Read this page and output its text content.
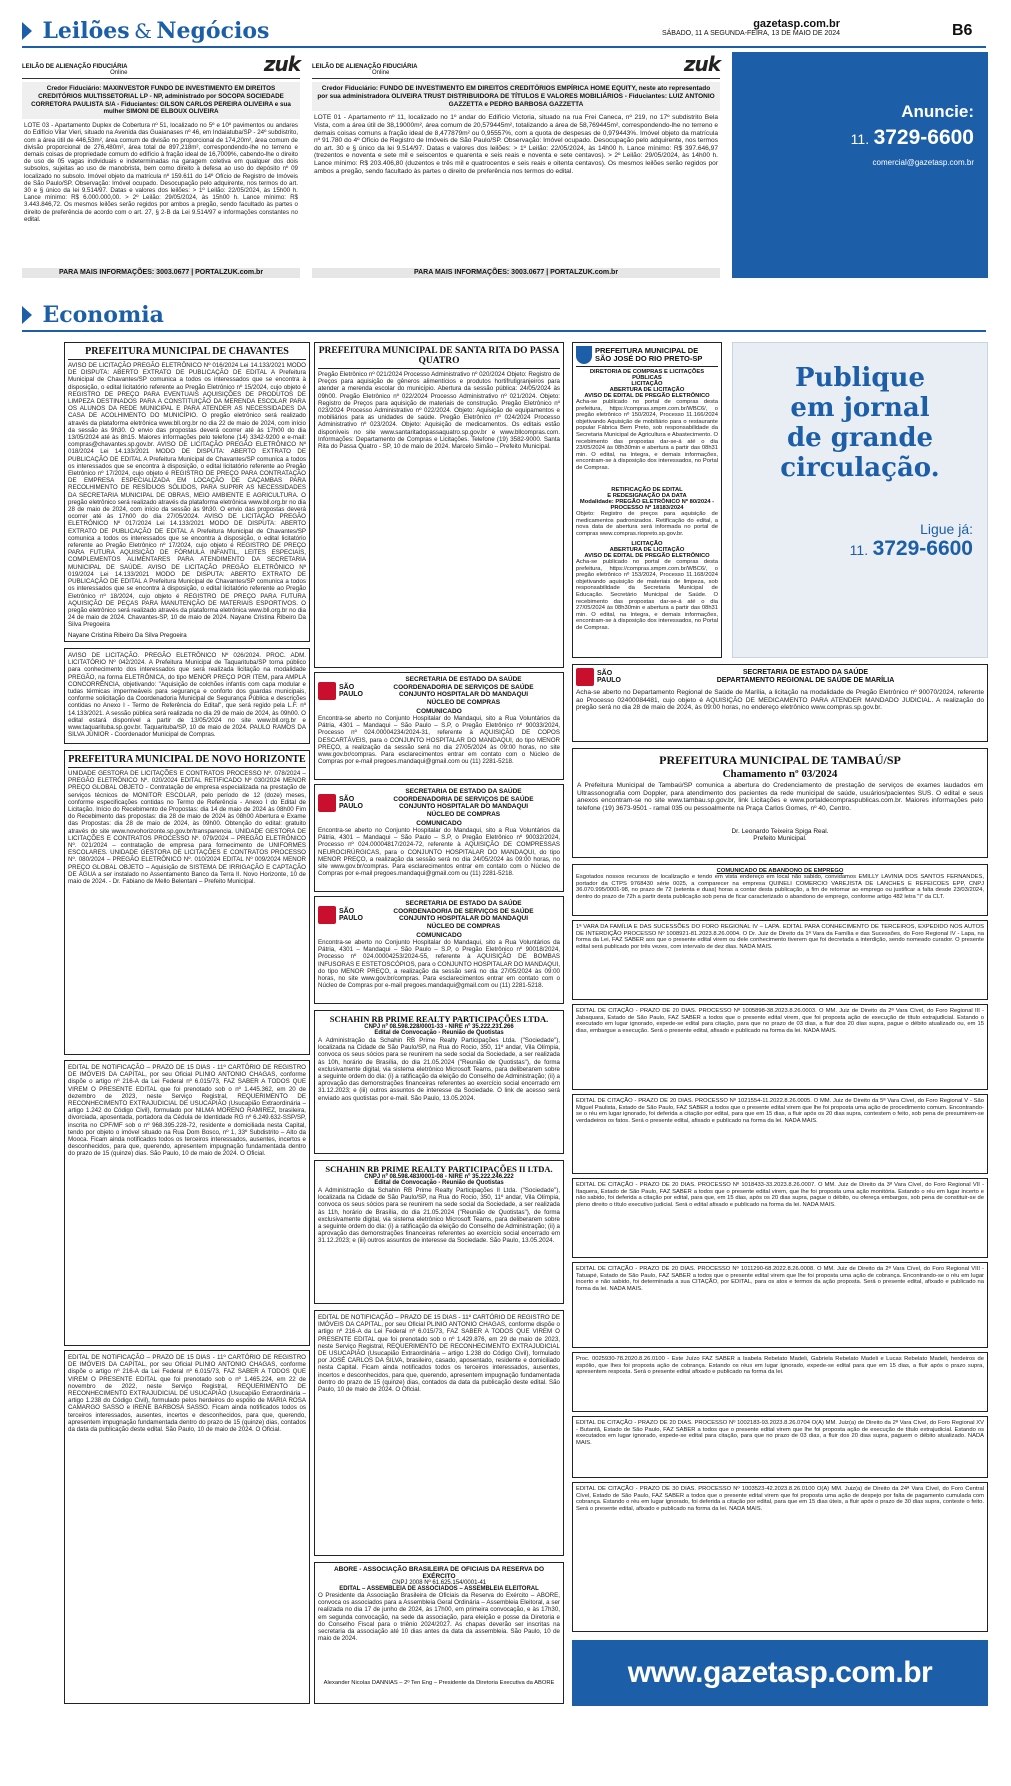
Leilões & Negócios	gazetasp.com.br
SÁBADO, 11 A SEGUNDA-FEIRA, 13 DE MAIO DE 2024	B6
LEILÃO DE ALIENAÇÃO FIDUCIÁRIA
Online	zuk
Credor Fiduciário: MAXINVESTOR FUNDO DE INVESTIMENTO EM DIREITOS CREDITÓRIOS MULTISSETORIAL LP - NP, administrado por SOCOPA SOCIEDADE CORRETORA PAULISTA S/A - Fiduciantes: GILSON CARLOS PEREIRA OLIVEIRA e sua mulher SIMONI DE ELBOUX OLIVEIRA
LOTE 03 - Apartamento Duplex de Cobertura nº 51, localizado no 5º e 10º pavimentos ou andares do Edifício Vilar Vieri, situado na Avenida das Guaianases nº 46, em Indaiatuba/SP - 24º subdistrito, com a área útil de 446,53m², área comum de divisão no proporcional de 174,20m², área comum de divisão proporcional de 276,480m², área total de 897,218m², correspondendo-lhe no terreno e demais coisas de propriedade comum do edifício à fração ideal de 16,7009%, cabendo-lhe o direito de uso de 05 vagas individuais e indeterminadas na garagem coletiva em qualquer dos dois subsolos, sujeitas ao uso de manobrista, bem como direito à defesa ao uso do depósito nº 09 localizado no subsolo. Imóvel objeto da matrícula nº 159.611 do 14º Ofício de Registro de Imóveis de São Paulo/SP. Observação: Imóvel ocupado. Desocupação pelo adquirente, nos termos do art. 30 e § único da lei 9.514/97. Datas e valores dos leilões: > 1º Leilão: 22/05/2024, às 15h00 h. Lance mínimo: R$ 6.000.000,00. > 2º Leilão: 29/05/2024, às 15h00 h. Lance mínimo: R$ 3.443.846,72. Os mesmos leilões serão regidos por ambos a pregão, sendo facultado às partes o direito de preferência de acordo com o art. 27, § 2-B da Lei 9.514/97 e informações constantes no edital.
PARA MAIS INFORMAÇÕES: 3003.0677 | PORTALZUK.com.br
LEILÃO DE ALIENAÇÃO FIDUCIÁRIA
Online	zuk
Credor Fiduciário: FUNDO DE INVESTIMENTO EM DIREITOS CREDITÓRIOS EMPÍRICA HOME EQUITY, neste ato representado por sua administradora OLIVEIRA TRUST DISTRIBUIDORA DE TÍTULOS E VALORES MOBILIÁRIOS - Fiduciantes: LUIZ ANTONIO GAZZETTA e PEDRO BARBOSA GAZZETTA
LOTE 01 - Apartamento nº 11, localizado no 1º andar do Edifício Victoria, situado na rua Frei Caneca, nº 219, no 17º subdistrito Bela Vista, com a área útil de 38,19000m², área comum de 20,579445m², totalizando a área de 58,769445m², correspondendo-lhe no terreno e demais coisas comuns a fração ideal de 8,477879m² ou 0,95557%, com a quota de despesas de 0,979443%. Imóvel objeto da matrícula nº 91.780 do 4º Ofício de Registro de Imóveis de São Paulo/SP. Observação: Imóvel ocupado. Desocupação pelo adquirente, nos termos do art. 30 e § único da lei 9.514/97. Datas e valores dos leilões: > 1º Leilão: 22/05/2024, às 14h00 h. Lance mínimo: R$ 397.646,97 (trezentos e noventa e sete mil e seiscentos e quarenta e seis reais e noventa e sete centavos). > 2º Leilão: 29/05/2024, às 14h00 h. Lance mínimo: R$ 203.406,80 (duzentos e três mil e quatrocentos e seis reais e oitenta centavos). Os mesmos leilões serão regidos por ambos a pregão, sendo facultado às partes o direito de preferência nos termos do edital.
PARA MAIS INFORMAÇÕES: 3003.0677 | PORTALZUK.com.br
Anuncie:
11. 3729-6600
comercial@gazetasp.com.br
Economia
PREFEITURA MUNICIPAL DE CHAVANTES
AVISO DE LICITAÇÃO PREGÃO ELETRÔNICO Nº 016/2024 Lei 14.133/2021 MODO DE DISPUTA: ABERTO EXTRATO DE PUBLICAÇÃO DE EDITAL A Prefeitura Municipal de Chavantes/SP comunica a todos os interessados que se encontra à disposição, o edital licitatório referente ao Pregão Eletrônico nº 15/2024, cujo objeto é REGISTRO DE PREÇO PARA EVENTUAIS AQUISIÇÕES DE PRODUTOS DE LIMPEZA DESTINADOS PARA A CONSTITUIÇÃO DA MERENDA ESCOLAR PARA OS ALUNOS DA REDE MUNICIPAL E PARA ATENDER AS NECESSIDADES DA CASA DE ACOLHIMENTO DO MUNICÍPIO. O pregão eletrônico será realizado através da plataforma eletrônica www.bll.org.br no dia 22 de maio de 2024, com início da sessão às 9h30. O envio das propostas deverá ocorrer até às 17h00 do dia 13/05/2024 até às 8h15. Maiores informações pelo telefone (14) 3342-9200 e e-mail: compras@chavantes.sp.gov.br. AVISO DE LICITAÇÃO PREGÃO ELETRÔNICO Nº 018/2024 Lei 14.133/2021 MODO DE DISPUTA: ABERTO EXTRATO DE PUBLICAÇÃO DE EDITAL A Prefeitura Municipal de Chavantes/SP comunica a todos os interessados que se encontra à disposição, o edital licitatório referente ao Pregão Eletrônico nº 17/2024, cujo objeto é REGISTRO DE PREÇO PARA CONTRATAÇÃO DE EMPRESA ESPECIALIZADA EM LOCAÇÃO DE CAÇAMBAS PARA RECOLHIMENTO DE RESÍDUOS SÓLIDOS, PARA SUPRIR AS NECESSIDADES DA SECRETARIA MUNICIPAL DE OBRAS, MEIO AMBIENTE E AGRICULTURA. O pregão eletrônico será realizado através da plataforma eletrônica www.bll.org.br no dia 28 de maio de 2024, com início da sessão às 9h30. O envio das propostas deverá ocorrer até às 17h00 do dia 27/05/2024. AVISO DE LICITAÇÃO PREGÃO ELETRÔNICO Nº 017/2024 Lei 14.133/2021 MODO DE DISPUTA: ABERTO EXTRATO DE PUBLICAÇÃO DE EDITAL A Prefeitura Municipal de Chavantes/SP comunica a todos os interessados que se encontra à disposição, o edital licitatório referente ao Pregão Eletrônico nº 17/2024, cujo objeto é REGISTRO DE PREÇO PARA FUTURA AQUISIÇÃO DE FÓRMULA INFANTIL, LEITES ESPECIAIS, COMPLEMENTOS ALIMENTARES PARA ATENDIMENTO DA SECRETARIA MUNICIPAL DE SAÚDE. AVISO DE LICITAÇÃO PREGÃO ELETRÔNICO Nº 019/2024 Lei 14.133/2021 MODO DE DISPUTA: ABERTO EXTRATO DE PUBLICAÇÃO DE EDITAL A Prefeitura Municipal de Chavantes/SP comunica a todos os interessados que se encontra à disposição, o edital licitatório referente ao Pregão Eletrônico nº 18/2024, cujo objeto é REGISTRO DE PREÇO PARA FUTURA AQUISIÇÃO DE PEÇAS PARA MANUTENÇÃO DE MATERIAIS ESPORTIVOS. O pregão eletrônico será realizado através da plataforma eletrônica www.bll.org.br no dia 24 de maio de 2024. Chavantes-SP, 10 de maio de 2024. Nayane Cristina Ribeiro Da Silva Pregoeira
Nayane Cristina Ribeiro Da Silva Pregoeira
AVISO DE LICITAÇÃO. PREGÃO ELETRÔNICO Nº 026/2024. PROC. ADM. LICITATÓRIO Nº 042/2024. A Prefeitura Municipal de Taquarituba/SP torna público para conhecimento dos interessados que será realizada licitação na modalidade PREGÃO, na forma ELETRÔNICA, do tipo MENOR PREÇO POR ITEM, para AMPLA CONCORRÊNCIA, objetivando: "Aquisição de colchões infantis com capa modular e tudas térmicas impermeáveis para segurança e conforto dos guardas municipais, conforme solicitação da Coordenadoria Municipal de Segurança Pública e descrições contidas no Anexo I - Termo de Referência do Edital", que será regido pela L.F. nº 14.133/2021. A sessão pública será realizada no dia 29 de maio de 2024, às 09h00. O edital estará disponível a partir de 13/05/2024 no site www.bll.org.br e www.taquarituba.sp.gov.br. Taquarituba/SP, 10 de maio de 2024. PAULO RAMOS DA SILVA JÚNIOR - Coordenador Municipal de Compras.
PREFEITURA MUNICIPAL DE NOVO HORIZONTE
UNIDADE GESTORA DE LICITAÇÕES E CONTRATOS PROCESSO Nº. 078/2024 – PREGÃO ELETRÔNICO Nº. 020/2024 EDITAL RETIFICADO Nº 030/2024 MENOR PREÇO GLOBAL OBJETO - Contratação de empresa especializada na prestação de serviços técnicos de MONITOR ESCOLAR, pelo período de 12 (doze) meses, conforme especificações contidas no Termo de Referência - Anexo I do Edital de Licitação. Início do Recebimento de Propostas: dia 14 de maio de 2024 às 08h00 Fim do Recebimento das propostas: dia 28 de maio de 2024 às 08h00 Abertura e Exame das Propostas: dia 28 de maio de 2024, às 09h00. Obtenção do edital: gratuito através do site www.novohorizonte.sp.gov.br/transparencia. UNIDADE GESTORA DE LICITAÇÕES E CONTRATOS PROCESSO Nº. 079/2024 – PREGÃO ELETRÔNICO Nº. 021/2024 – contratação de empresa para fornecimento de UNIFORMES ESCOLARES. UNIDADE GESTORA DE LICITAÇÕES E CONTRATOS PROCESSO Nº. 080/2024 – PREGÃO ELETRÔNICO Nº. 010/2024 EDITAL Nº 009/2024 MENOR PREÇO GLOBAL OBJETO – Aquisição de SISTEMA DE IRRIGAÇÃO E CAPTAÇÃO DE ÁGUA a ser instalado no Assentamento Banco da Terra II. Novo Horizonte, 10 de maio de 2024. - Dr. Fabiano de Mello Belentani – Prefeito Municipal.
EDITAL DE NOTIFICAÇÃO – PRAZO DE 15 DIAS - 11º CARTÓRIO DE REGISTRO DE IMÓVEIS DA CAPITAL, por seu Oficial PLINIO ANTONIO CHAGAS, conforme dispõe o artigo nº 216-A da Lei Federal nº 6.015/73, FAZ SABER A TODOS QUE VIREM O PRESENTE EDITAL que foi prenotado sob o nº 1.445.362, em 20 de dezembro de 2023, neste Serviço Registral, REQUERIMENTO DE RECONHECIMENTO EXTRAJUDICIAL DE USUCAPIÃO (Usucapião Extraordinária – artigo 1.242 do Código Civil), formulado por NILMA MORENO RAMIREZ, brasileira, divorciada, aposentada, portadora da Cédula de Identidade RG nº 6.249.632-SSP/SP, inscrita no CPF/MF sob o nº 968.395.228-72, residente e domiciliada nesta Capital, tendo por objeto o imóvel situado na Rua Dom Bosco, nº 1, 33º Subdistrito – Alto da Mooca. Ficam ainda notificados todos os terceiros interessados, ausentes, incertos e desconhecidos, para que, querendo, apresentem impugnação fundamentada dentro do prazo de 15 (quinze) dias. São Paulo, 10 de maio de 2024. O Oficial.
EDITAL DE NOTIFICAÇÃO – PRAZO DE 15 DIAS - 11º CARTÓRIO DE REGISTRO DE IMÓVEIS DA CAPITAL, por seu Oficial PLINIO ANTONIO CHAGAS, conforme dispõe o artigo nº 216-A da Lei Federal nº 6.015/73, FAZ SABER A TODOS QUE VIREM O PRESENTE EDITAL que foi prenotado sob o nº 1.465.224, em 22 de novembro de 2022, neste Serviço Registral, REQUERIMENTO DE RECONHECIMENTO EXTRAJUDICIAL DE USUCAPIÃO (Usucapião Extraordinária – artigo 1.238 do Código Civil), formulado pelos herdeiros do espólio de MARIA ROSA CAMARGO SASSO e IRENE BARBOSA SASSO. Ficam ainda notificados todos os terceiros interessados, ausentes, incertos e desconhecidos, para que, querendo, apresentem impugnação fundamentada dentro do prazo de 15 (quinze) dias, contados da data da publicação deste edital. São Paulo, 10 de maio de 2024. O Oficial.
PREFEITURA MUNICIPAL DE SANTA RITA DO PASSA QUATRO
Pregão Eletrônico nº 021/2024 Processo Administrativo nº 020/2024 Objeto: Registro de Preços para aquisição de gêneros alimentícios e produtos hortifrutigranjeiros para atender a merenda escolar do município. Abertura da sessão pública: 24/05/2024 às 09h00. Pregão Eletrônico nº 022/2024 Processo Administrativo nº 021/2024. Objeto: Registro de Preços para aquisição de materiais de construção. Pregão Eletrônico nº 023/2024 Processo Administrativo nº 022/2024. Objeto: Aquisição de equipamentos e mobiliários para as unidades de saúde. Pregão Eletrônico nº 024/2024 Processo Administrativo nº 023/2024. Objeto: Aquisição de medicamentos. Os editais estão disponíveis no site www.santaritadopassaquatro.sp.gov.br e www.bllcompras.com. Informações: Departamento de Compras e Licitações. Telefone (19) 3582-9000. Santa Rita do Passa Quatro - SP, 10 de maio de 2024. Marcelo Simão – Prefeito Municipal.
SÃO
PAULO
SECRETARIA DE ESTADO DA SAÚDE
COORDENADORIA DE SERVIÇOS DE SAÚDE
CONJUNTO HOSPITALAR DO MANDAQUI
NÚCLEO DE COMPRAS
COMUNICADO
Encontra-se aberto no Conjunto Hospitalar do Mandaqui, sito a Rua Voluntários da Pátria, 4301 – Mandaqui – São Paulo – S.P, o Pregão Eletrônico nº 90033/2024, Processo nº 024.00004234/2024-31, referente à AQUISIÇÃO DE COPOS DESCARTÁVEIS, para o CONJUNTO HOSPITALAR DO MANDAQUI, do tipo MENOR PREÇO, a realização da sessão será no dia 27/05/2024 às 09:00 horas, no site www.gov.br/compras. Para esclarecimentos entrar em contato com o Núcleo de Compras por e-mail pregoes.mandaqui@gmail.com ou (11) 2281-5218.
SÃO
PAULO
SECRETARIA DE ESTADO DA SAÚDE
COORDENADORIA DE SERVIÇOS DE SAÚDE
CONJUNTO HOSPITALAR DO MANDAQUI
NÚCLEO DE COMPRAS
COMUNICADO
Encontra-se aberto no Conjunto Hospitalar do Mandaqui, sito a Rua Voluntários da Pátria, 4301 – Mandaqui – São Paulo – S.P, o Pregão Eletrônico nº 90032/2024, Processo nº 024.00004817/2024-72, referente à AQUISIÇÃO DE COMPRESSAS NEUROCIRÚRGICAS, para o CONJUNTO HOSPITALAR DO MANDAQUI, do tipo MENOR PREÇO, a realização da sessão será no dia 24/05/2024 às 09:00 horas, no site www.gov.br/compras. Para esclarecimentos entrar em contato com o Núcleo de Compras por e-mail pregoes.mandaqui@gmail.com ou (11) 2281-5218.
SÃO
PAULO
SECRETARIA DE ESTADO DA SAÚDE
COORDENADORIA DE SERVIÇOS DE SAÚDE
CONJUNTO HOSPITALAR DO MANDAQUI
NÚCLEO DE COMPRAS
COMUNICADO
Encontra-se aberto no Conjunto Hospitalar do Mandaqui, sito a Rua Voluntários da Pátria, 4301 – Mandaqui – São Paulo – S.P, o Pregão Eletrônico nº 90018/2024, Processo nº 024.00004253/2024-55, referente à AQUISIÇÃO DE BOMBAS INFUSORAS E ESTETOSCÓPIOS, para o CONJUNTO HOSPITALAR DO MANDAQUI, do tipo MENOR PREÇO, a realização da sessão será no dia 27/05/2024 às 09:00 horas, no site www.gov.br/compras. Para esclarecimentos entrar em contato com o Núcleo de Compras por e-mail pregoes.mandaqui@gmail.com ou (11) 2281-5218.
SCHAHIN RB PRIME REALTY PARTICIPAÇÕES LTDA.
CNPJ nº 08.598.228/0001-33 - NIRE nº 35.222.231.266
Edital de Convocação - Reunião de Quotistas
A Administração da Schahin RB Prime Realty Participações Ltda. ("Sociedade"), localizada na Cidade de São Paulo/SP, na Rua do Rocio, 350, 11º andar, Vila Olímpia, convoca os seus sócios para se reunirem na sede social da Sociedade, a ser realizada às 10h, horário de Brasília, do dia 21.05.2024 ("Reunião de Quotistas"), de forma exclusivamente digital, via sistema eletrônico Microsoft Teams, para deliberarem sobre a seguinte ordem do dia: (i) a ratificação da eleição do Conselho de Administração; (ii) a aprovação das demonstrações financeiras referentes ao exercício social encerrado em 31.12.2023; e (iii) outros assuntos de interesse da Sociedade. O link de acesso será enviado aos quotistas por e-mail. São Paulo, 13.05.2024.
SCHAHIN RB PRIME REALTY PARTICIPAÇÕES II LTDA.
CNPJ nº 08.598.483/0001-08 - NIRE nº 35.222.246.222
Edital de Convocação - Reunião de Quotistas
A Administração da Schahin RB Prime Realty Participações II Ltda. ("Sociedade"), localizada na Cidade de São Paulo/SP, na Rua do Rocio, 350, 11º andar, Vila Olímpia, convoca os seus sócios para se reunirem na sede social da Sociedade, a ser realizada às 11h, horário de Brasília, do dia 21.05.2024 ("Reunião de Quotistas"), de forma exclusivamente digital, via sistema eletrônico Microsoft Teams, para deliberarem sobre a seguinte ordem do dia: (i) a ratificação da eleição do Conselho de Administração; (ii) a aprovação das demonstrações financeiras referentes ao exercício social encerrado em 31.12.2023; e (iii) outros assuntos de interesse da Sociedade. São Paulo, 13.05.2024.
EDITAL DE NOTIFICAÇÃO – PRAZO DE 15 DIAS - 11º CARTÓRIO DE REGISTRO DE IMÓVEIS DA CAPITAL, por seu Oficial PLINIO ANTONIO CHAGAS, conforme dispõe o artigo nº 216-A da Lei Federal nº 6.015/73, FAZ SABER A TODOS QUE VIREM O PRESENTE EDITAL que foi prenotado sob o nº 1.429.876, em 29 de maio de 2023, neste Serviço Registral, REQUERIMENTO DE RECONHECIMENTO EXTRAJUDICIAL DE USUCAPIÃO (Usucapião Extraordinária – artigo 1.238 do Código Civil), formulado por JOSÉ CARLOS DA SILVA, brasileiro, casado, aposentado, residente e domiciliado nesta Capital. Ficam ainda notificados todos os terceiros interessados, ausentes, incertos e desconhecidos, para que, querendo, apresentem impugnação fundamentada dentro do prazo de 15 (quinze) dias, contados da data da publicação deste edital. São Paulo, 10 de maio de 2024. O Oficial.
ABORE - ASSOCIAÇÃO BRASILEIRA DE OFICIAIS DA RESERVA DO EXÉRCITO
CNPJ 2008 Nº 61.625.154/0001-41
EDITAL – ASSEMBLEIA DE ASSOCIADOS – ASSEMBLEIA ELEITORAL
O Presidente da Associação Brasileira de Oficiais da Reserva do Exército – ABORE, convoca os associados para a Assembleia Geral Ordinária – Assembleia Eleitoral, a ser realizada no dia 17 de junho de 2024, às 17h00, em primeira convocação, e às 17h30, em segunda convocação, na sede da associação, para eleição e posse da Diretoria e do Conselho Fiscal para o triênio 2024/2027. As chapas deverão ser inscritas na secretaria da associação até 10 dias antes da data da assembleia. São Paulo, 10 de maio de 2024.
Alexander Nicolas DANNIAS – 2º Ten Eng – Presidente da Diretoria Executiva da ABORE
PREFEITURA MUNICIPAL DE
SÃO JOSÉ DO RIO PRETO-SP
DIRETORIA DE COMPRAS E LICITAÇÕES PÚBLICAS
LICITAÇÃO
ABERTURA DE LICITAÇÃO
AVISO DE EDITAL DE PREGÃO ELETRÔNICO
Acha-se publicado no portal de compras desta prefeitura, https://compras.smpm.com.br/WBC6/, o pregão eletrônico nº 150/2024, Processo 11.166/2024 objetivando Aquisição de mobiliário para o restaurante popular Fábrica Bem Preto, sob responsabilidade da Secretaria Municipal de Agricultura e Abastecimento. O recebimento das propostas dar-se-á até o dia 23/05/2024 às 08h30min e abertura a partir das 08h31 min. O edital, na íntegra, e demais informações, encontram-se à disposição dos interessados, no Portal de Compras.
RETIFICAÇÃO DE EDITAL
E REDESIGNAÇÃO DA DATA
Modalidade: PREGÃO ELETRÔNICO Nº 80/2024 - PROCESSO Nº 18183/2024
Objeto: Registro de preços para aquisição de medicamentos padronizados. Retificação do edital, a nova data de abertura será informada no portal de compras www.compras.riopreto.sp.gov.br.
LICITAÇÃO
ABERTURA DE LICITAÇÃO
AVISO DE EDITAL DE PREGÃO ELETRÔNICO
Acha-se publicado no portal de compras desta prefeitura, https://compras.smpm.com.br/WBC6/, o pregão eletrônico nº 153/2024, Processo 11.168/2024 objetivando aquisição de materiais de limpeza, sob responsabilidade da Secretaria Municipal de Educação. Secretário Municipal de Saúde. O recebimento das propostas dar-se-á até o dia 27/05/2024 às 08h30min e abertura a partir das 08h31 min. O edital, na íntegra, e demais informações, encontram-se à disposição dos interessados, no Portal de Compras.
Publique
em jornal
de grande
circulação.
Ligue já:
11. 3729-6600
SÃO
PAULO
SECRETARIA DE ESTADO DA SAÚDE
DEPARTAMENTO REGIONAL DE SAÚDE DE MARÍLIA
Acha-se aberto no Departamento Regional de Saúde de Marília, a licitação na modalidade de Pregão Eletrônico nº 90070/2024, referente ao Processo 02400084481, cujo objeto é AQUISIÇÃO DE MEDICAMENTO PARA ATENDER MANDADO JUDICIAL. A realização do pregão será no dia 28 de maio de 2024, às 09:00 horas, no endereço eletrônico www.compras.sp.gov.br.
PREFEITURA MUNICIPAL DE TAMBAÚ/SP
Chamamento nº 03/2024
A Prefeitura Municipal de Tambaú/SP comunica a abertura do Credenciamento de prestação de serviços de exames laudados em Ultrassonografia com Doppler, para atendimento dos pacientes da rede municipal de saúde, usuários/pacientes SUS. O edital e seus anexos encontram-se no site www.tambau.sp.gov.br, link Licitações e www.portaldecompraspublicas.com.br. Maiores informações pelo telefone (19) 3673-9501 - ramal 035 ou pessoalmente na Praça Carlos Gomes, nº 40, Centro.
Dr. Leonardo Teixeira Spiga Real.
Prefeito Municipal.
COMUNICADO DE ABANDONO DE EMPREGO
Esgotados nossos recursos de localização e tendo em vista endereço em local não sabido, convidamos EMILLY LAVINIA DOS SANTOS FERNANDES, portador da CTPS 9768430 série 0025, a comparecer na empresa QUINELI COMERCIO VAREJISTA DE LANCHES E REFEICOES EPP, CNPJ 36.070.995/0001-98, no prazo de 72 (setenta e duas) horas a contar desta publicação, a fim de retornar ao emprego ou justificar a falta desde 23/03/2024, dentro do prazo de 72h a partir desta publicação sob pena de ficar caracterizado o abandono de emprego, conforme artigo 482 letra "I" da CLT.
1ª VARA DA FAMÍLIA E DAS SUCESSÕES DO FORO REGIONAL IV – LAPA. EDITAL PARA CONHECIMENTO DE TERCEIROS, EXPEDIDO NOS AUTOS DE INTERDIÇÃO PROCESSO Nº 1008921-81.2023.8.26.0004. O Dr. Juiz de Direito da 1ª Vara da Família e das Sucessões, do Foro Regional IV - Lapa, na forma da Lei, FAZ SABER aos que o presente edital virem ou dele conhecimento tiverem que foi decretada a interdição, sendo nomeado curador. O presente edital será publicado por três vezes, com intervalo de dez dias. NADA MAIS.
EDITAL DE CITAÇÃO - PRAZO DE 20 DIAS. PROCESSO Nº 1005898-38.2023.8.26.0003. O MM. Juiz de Direito da 2ª Vara Cível, do Foro Regional III - Jabaquara, Estado de São Paulo, FAZ SABER a todos que o presente edital virem, que foi proposta ação de execução de título extrajudicial. Estando o executado em lugar ignorado, expede-se edital para citação, para que no prazo de 03 dias, a fluir dos 20 dias supra, pague o débito atualizado ou, em 15 dias, embargue a execução. Será o presente edital, afixado e publicado na forma da lei. NADA MAIS.
EDITAL DE CITAÇÃO - PRAZO DE 20 DIAS. PROCESSO Nº 1021554-11.2022.8.26.0005. O MM. Juiz de Direito da 5ª Vara Cível, do Foro Regional V - São Miguel Paulista, Estado de São Paulo, FAZ SABER a todos que o presente edital virem que lhe foi proposta uma ação de procedimento comum. Encontrando-se o réu em lugar ignorado, foi deferida a citação por edital, para que em 15 dias, a fluir após os 20 dias supra, contestem o feito, sob pena de presumirem-se verdadeiros os fatos. Será o presente edital, afixado e publicado na forma da lei. NADA MAIS.
EDITAL DE CITAÇÃO - PRAZO DE 20 DIAS. PROCESSO Nº 1018433-33.2023.8.26.0007. O MM. Juiz de Direito da 3ª Vara Cível, do Foro Regional VII - Itaquera, Estado de São Paulo, FAZ SABER a todos que o presente edital virem, que lhe foi proposta uma ação monitória. Estando o réu em lugar incerto e não sabido, foi deferida a citação por edital, para que, em 15 dias, após os 20 dias supra, pague o débito, ou ofereça embargos, sob pena de constituir-se de pleno direito o título executivo judicial. Será o edital afixado e publicado na forma da lei. NADA MAIS.
EDITAL DE CITAÇÃO - PRAZO DE 20 DIAS. PROCESSO Nº 1011290-68.2022.8.26.0008. O MM. Juiz de Direito da 2ª Vara Cível, do Foro Regional VIII - Tatuapé, Estado de São Paulo, FAZ SABER a todos que o presente edital virem que lhe foi proposta uma ação de cobrança. Encontrando-se o réu em lugar incerto e não sabido, foi determinada a sua CITAÇÃO, por EDITAL, para os atos e termos da ação proposta. Será o presente edital, afixado e publicado na forma da lei. NADA MAIS.
Proc. 0025930-78.2020.8.26.0100 - Este Juízo FAZ SABER a Isabela Rebelato Madeli, Gabriela Rebelato Madeli e Lucas Rebelato Madeli, herdeiros de espólio, que lhes foi proposta ação de cobrança. Estando os réus em lugar ignorado, expede-se edital para que em 15 dias, a fluir após o prazo supra, apresentem resposta. Será o presente edital afixado e publicado na forma da lei.
EDITAL DE CITAÇÃO - PRAZO DE 20 DIAS. PROCESSO Nº 1002183-93.2023.8.26.0704 O(A) MM. Juiz(a) de Direito da 2ª Vara Cível, do Foro Regional XV - Butantã, Estado de São Paulo, FAZ SABER a todos que o presente edital virem que lhe foi proposta ação de execução de título extrajudicial. Estando os executados em lugar ignorado, expede-se edital para citação, para que no prazo de 03 dias, a fluir dos 20 dias supra, paguem o débito atualizado. NADA MAIS.
EDITAL DE CITAÇÃO - PRAZO DE 30 DIAS. PROCESSO Nº 1003523-42.2023.8.26.0100 O(A) MM. Juiz(a) de Direito da 24ª Vara Cível, do Foro Central Cível, Estado de São Paulo, FAZ SABER a todos que o presente edital virem que foi proposta uma ação de despejo por falta de pagamento cumulada com cobrança. Estando o réu em lugar ignorado, foi deferida a citação por edital, para que em 15 dias úteis, a fluir após o prazo de 30 dias supra, conteste o feito. Será o presente edital, afixado e publicado na forma da lei. NADA MAIS.
www.gazetasp.com.br
